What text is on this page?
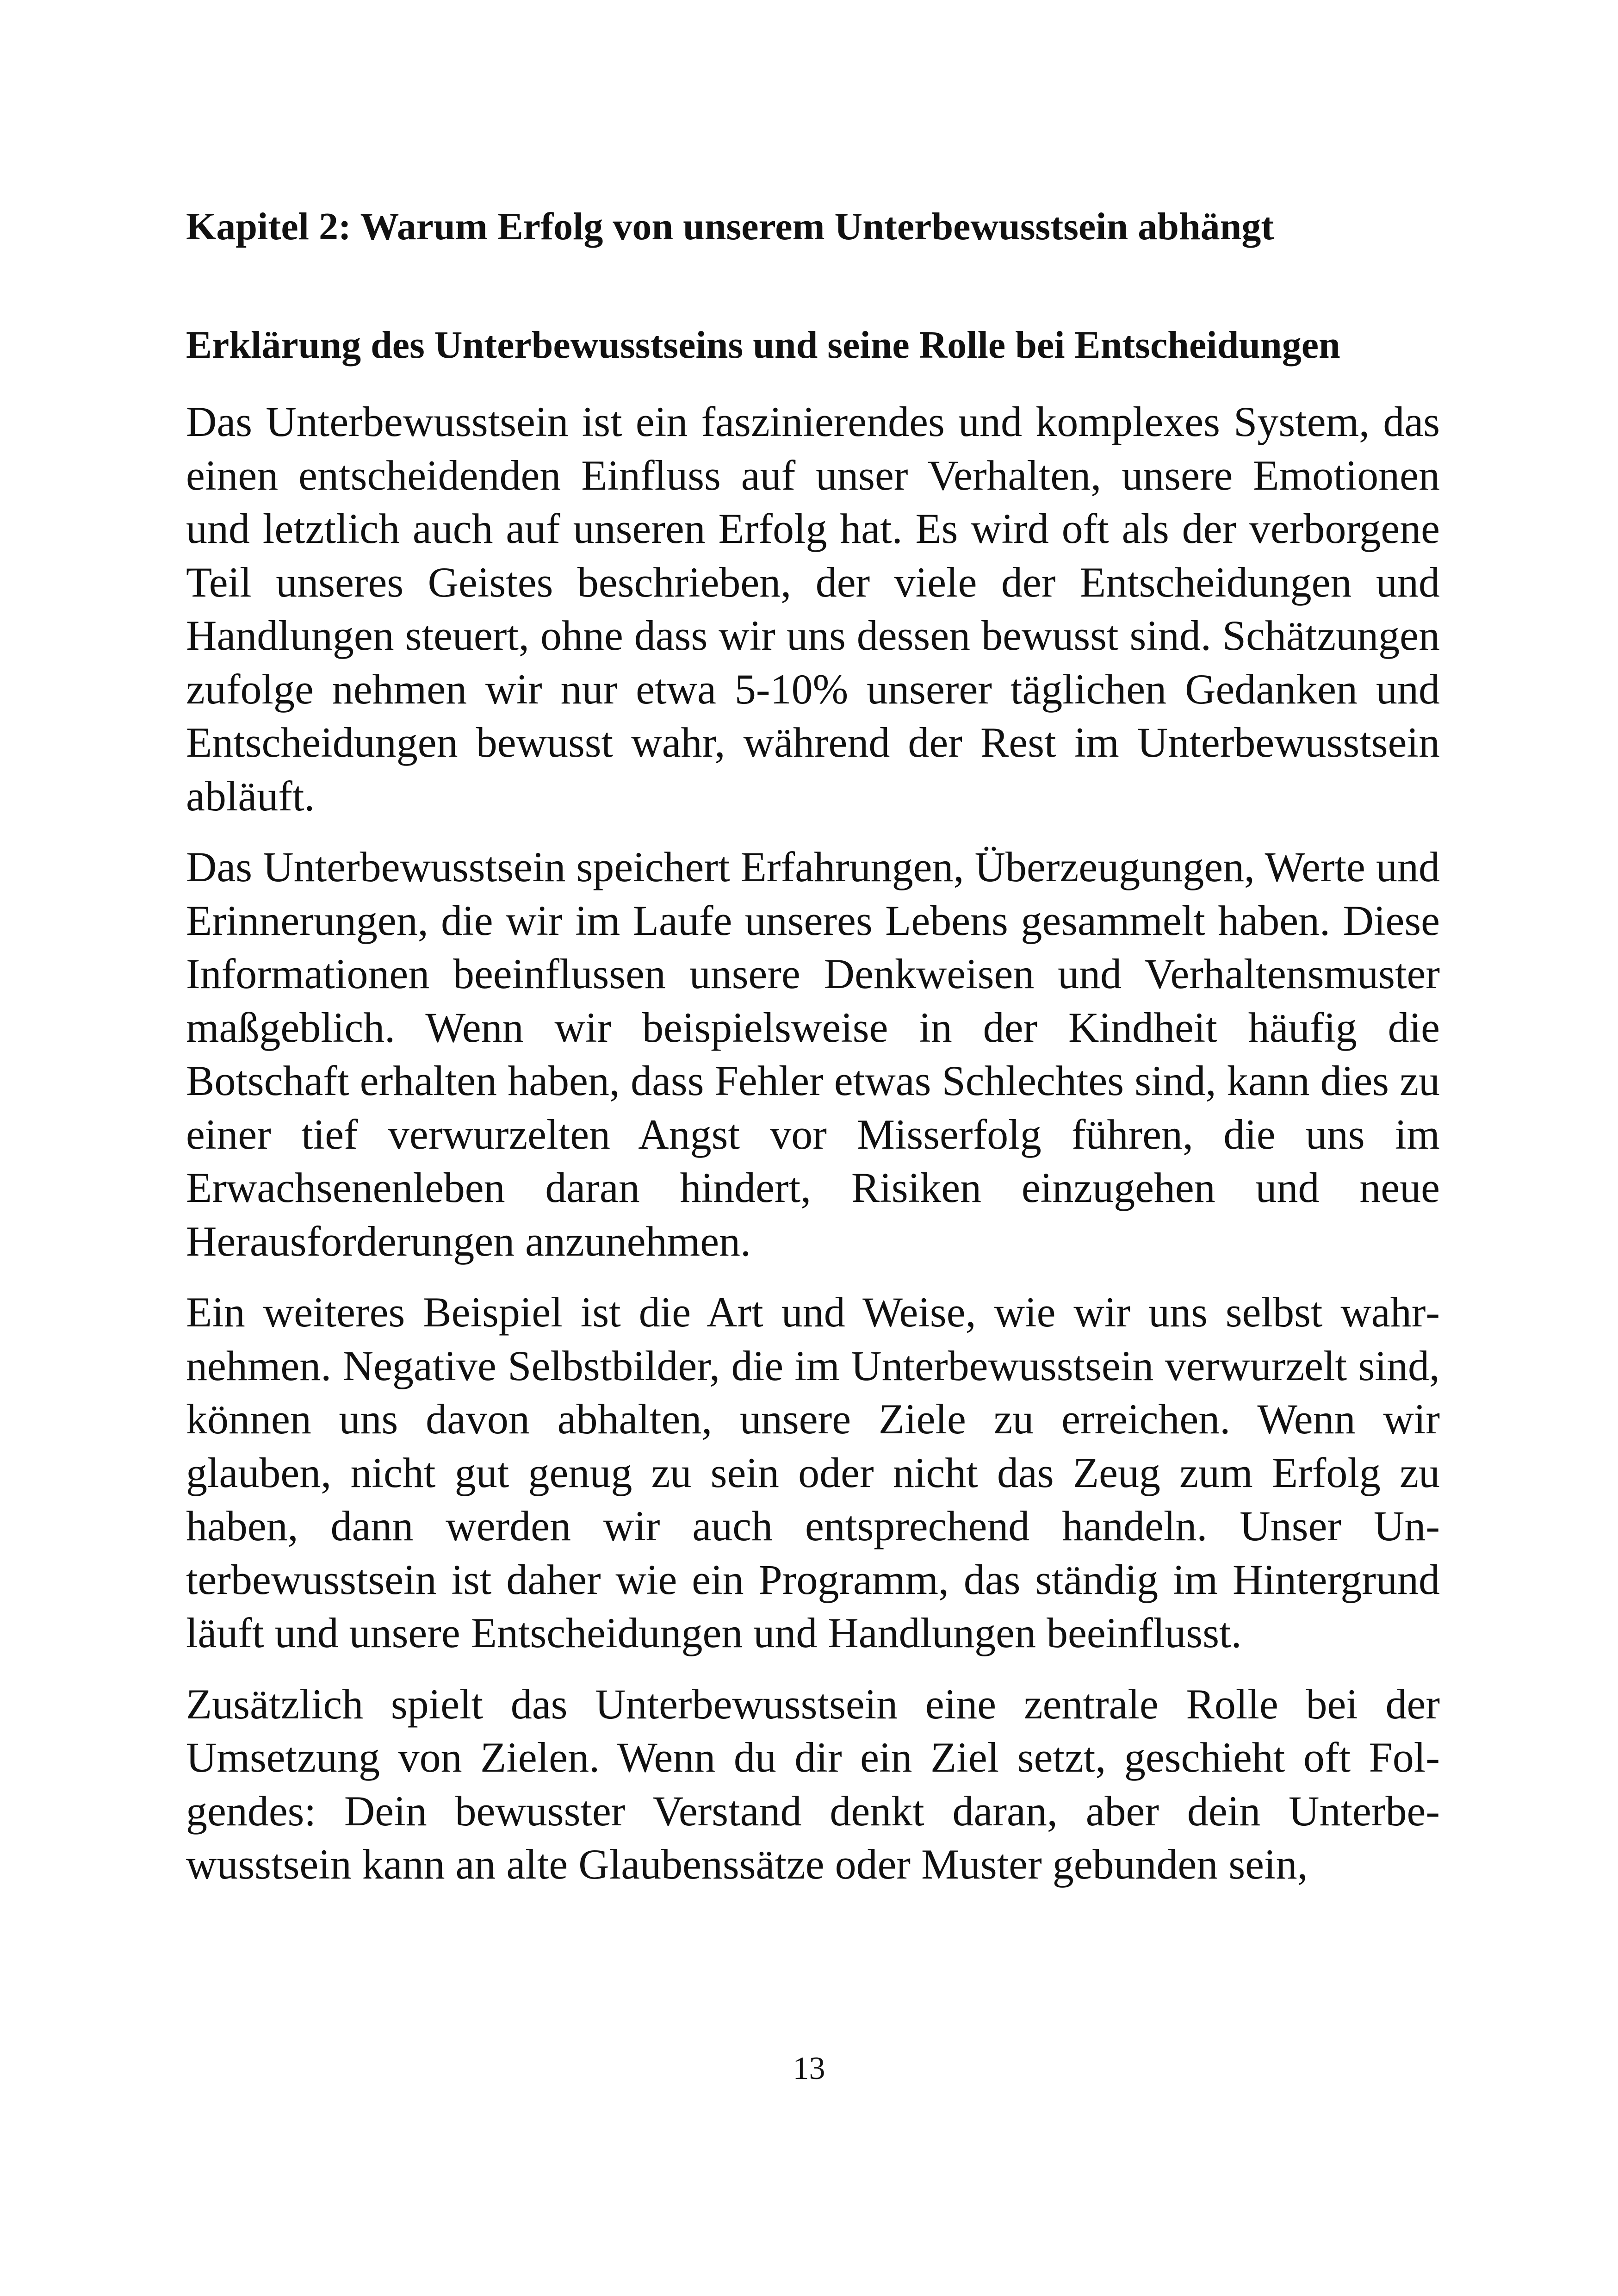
Kapitel 2: Warum Erfolg von unserem Unterbewusstsein abhängt
Erklärung des Unterbewusstseins und seine Rolle bei Entscheidungen

Das Unterbewusstsein ist ein faszinierendes und komplexes System, das einen entscheidenden Einfluss auf unser Verhalten, unsere Emotionen und letztlich auch auf unseren Erfolg hat. Es wird oft als der verborgene Teil unseres Geistes beschrieben, der viele der Entscheidungen und Handlungen steuert, ohne dass wir uns dessen bewusst sind. Schätzungen zufolge nehmen wir nur etwa 5-10% unserer täglichen Gedanken und Entscheidungen bewusst wahr, während der Rest im Unterbewusstsein abläuft.

Das Unterbewusstsein speichert Erfahrungen, Überzeugungen, Werte und Erinnerungen, die wir im Laufe unseres Lebens gesammelt haben. Diese Informationen beeinflussen unsere Denkweisen und Verhaltensmuster maßgeblich. Wenn wir beispielsweise in der Kindheit häufig die Botschaft erhalten haben, dass Fehler etwas Schlechtes sind, kann dies zu einer tief verwurzelten Angst vor Misserfolg führen, die uns im Erwachsenenleben daran hindert, Risiken einzugehen und neue Herausforderungen anzunehmen.

Ein weiteres Beispiel ist die Art und Weise, wie wir uns selbst wahrnehmen. Negative Selbstbilder, die im Unterbewusstsein verwurzelt sind, können uns davon abhalten, unsere Ziele zu erreichen. Wenn wir glauben, nicht gut genug zu sein oder nicht das Zeug zum Erfolg zu haben, dann werden wir auch entsprechend handeln. Unser Unterbewusstsein ist daher wie ein Programm, das ständig im Hintergrund läuft und unsere Entscheidungen und Handlungen beeinflusst.

Zusätzlich spielt das Unterbewusstsein eine zentrale Rolle bei der Umsetzung von Zielen. Wenn du dir ein Ziel setzt, geschieht oft Folgendes: Dein bewusster Verstand denkt daran, aber dein Unterbewusstsein kann an alte Glaubenssätze oder Muster gebunden sein,

13
